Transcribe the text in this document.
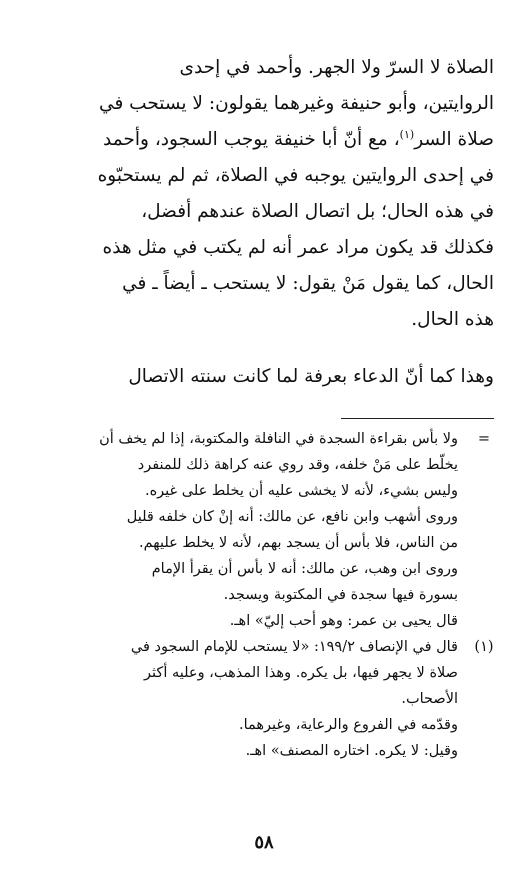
الصلاة لا السرّ ولا الجهر. وأحمد في إحدى
الروايتين، وأبو حنيفة وغيرهما يقولون: لا يستحب في
صلاة السر$^{(١)}$، مع أنّ أبا خنيفة يوجب السجود، وأحمد
في إحدى الروايتين يوجبه في الصلاة، ثم لم يستحبّوه
في هذه الحال؛ بل اتصال الصلاة عندهم أفضل،
فكذلك قد يكون مراد عمر أنه لم يكتب في مثل هذه
الحال، كما يقول مَنْ يقول: لا يستحب ـ أيضاً ـ في
هذه الحال.
وهذا كما أنّ الدعاء بعرفة لما كانت سنته الاتصال
=
ولا بأس بقراءة السجدة في النافلة والمكتوبة، إذا لم يخف أن
يخلّط على مَنْ خلفه، وقد روي عنه كراهة ذلك للمنفرد
وليس بشيء، لأنه لا يخشى عليه أن يخلط على غيره.
وروى أشهب وابن نافع، عن مالك: أنه إنْ كان خلفه قليل
من الناس، فلا بأس أن يسجد بهم، لأنه لا يخلط عليهم.
وروى ابن وهب، عن مالك: أنه لا بأس أن يقرأ الإمام
بسورة فيها سجدة في المكتوبة ويسجد.
قال يحيى بن عمر: وهو أحب إليّ» اهـ.
(١)
قال في الإنصاف ١٩٩/٢: «لا يستحب للإمام السجود في
صلاة لا يجهر فيها، بل يكره. وهذا المذهب، وعليه أكثر
الأصحاب.
وقدّمه في الفروع والرعاية، وغيرهما.
وقيل: لا يكره. اختاره المصنف» اهـ.
٥٨
